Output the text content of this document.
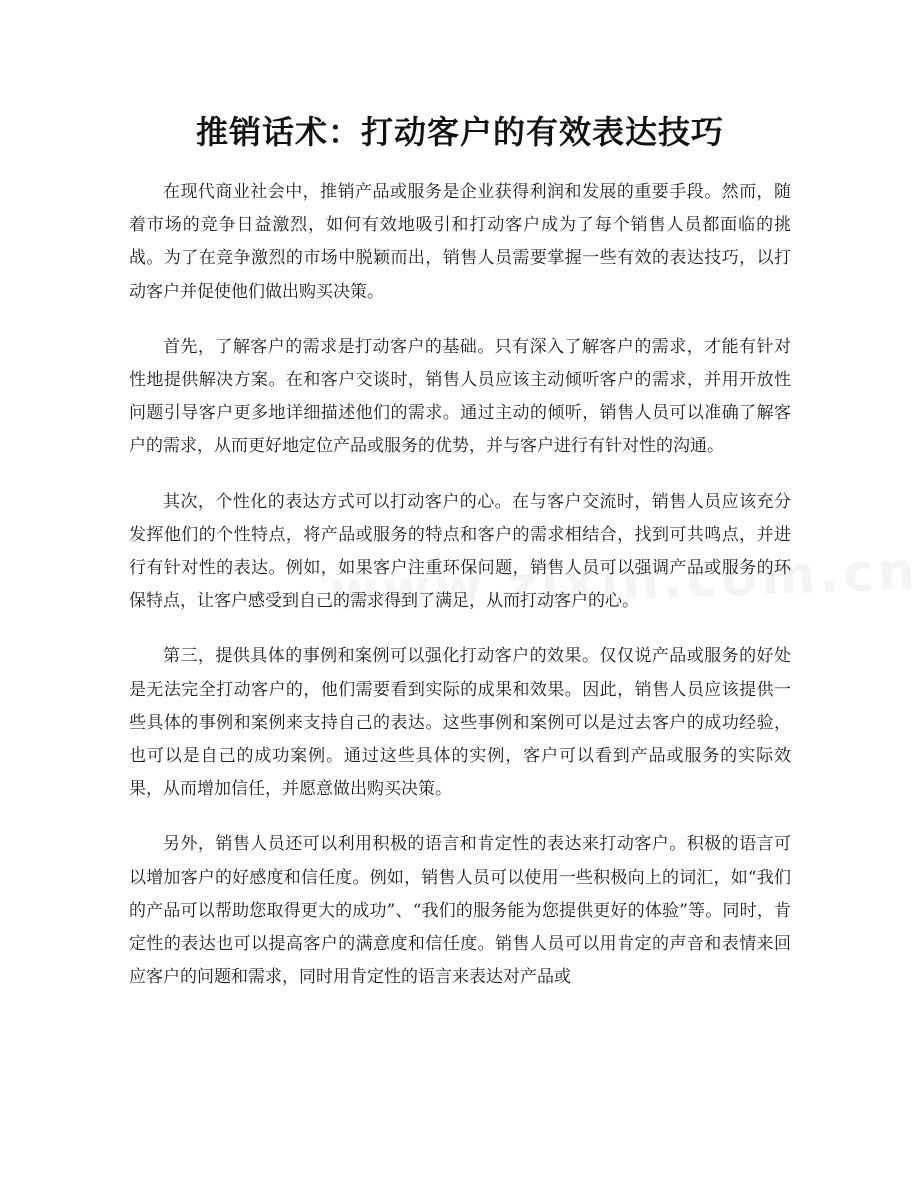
推销话术：打动客户的有效表达技巧

在现代商业社会中，推销产品或服务是企业获得利润和发展的重要手段。然而，随着市场的竞争日益激烈，如何有效地吸引和打动客户成为了每个销售人员都面临的挑战。为了在竞争激烈的市场中脱颖而出，销售人员需要掌握一些有效的表达技巧，以打动客户并促使他们做出购买决策。

首先，了解客户的需求是打动客户的基础。只有深入了解客户的需求，才能有针对性地提供解决方案。在和客户交谈时，销售人员应该主动倾听客户的需求，并用开放性问题引导客户更多地详细描述他们的需求。通过主动的倾听，销售人员可以准确了解客户的需求，从而更好地定位产品或服务的优势，并与客户进行有针对性的沟通。

其次，个性化的表达方式可以打动客户的心。在与客户交流时，销售人员应该充分发挥他们的个性特点，将产品或服务的特点和客户的需求相结合，找到可共鸣点，并进行有针对性的表达。例如，如果客户注重环保问题，销售人员可以强调产品或服务的环保特点，让客户感受到自己的需求得到了满足，从而打动客户的心。

第三，提供具体的事例和案例可以强化打动客户的效果。仅仅说产品或服务的好处是无法完全打动客户的，他们需要看到实际的成果和效果。因此，销售人员应该提供一些具体的事例和案例来支持自己的表达。这些事例和案例可以是过去客户的成功经验，也可以是自己的成功案例。通过这些具体的实例，客户可以看到产品或服务的实际效果，从而增加信任，并愿意做出购买决策。

另外，销售人员还可以利用积极的语言和肯定性的表达来打动客户。积极的语言可以增加客户的好感度和信任度。例如，销售人员可以使用一些积极向上的词汇，如“我们的产品可以帮助您取得更大的成功”、“我们的服务能为您提供更好的体验”等。同时，肯定性的表达也可以提高客户的满意度和信任度。销售人员可以用肯定的声音和表情来回应客户的问题和需求，同时用肯定性的语言来表达对产品或
